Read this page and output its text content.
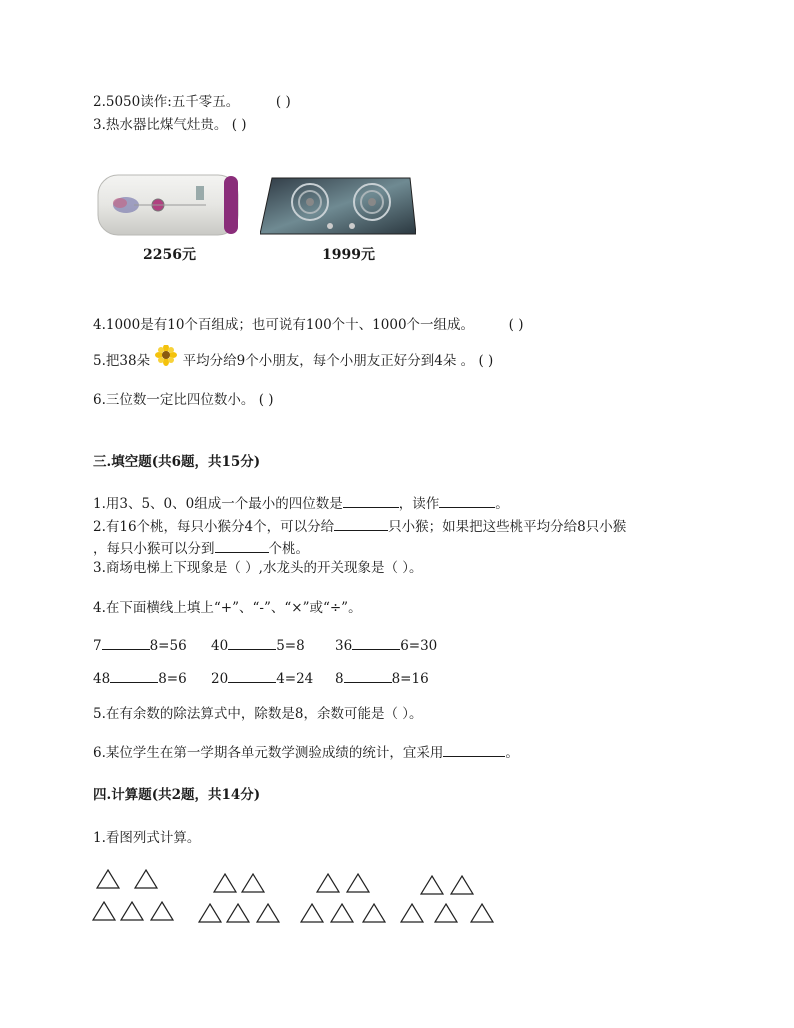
2.5050读作:五千零五。	( )
3.热水器比煤气灶贵。 ( )
2256元	1999元
4.1000是有10个百组成；也可说有100个十、1000个一组成。	( )
5.把38朵 平均分给9个小朋友，每个小朋友正好分到4朵 。 ( )
6.三位数一定比四位数小。 ( )
三.填空题(共6题，共15分)
1.用3、5、0、0组成一个最小的四位数是	，读作	。
2.有16个桃，每只小猴分4个，可以分给	只小猴；如果把这些桃平均分给8只小猴
，每只小猴可以分到	个桃。
3.商场电梯上下现象是（ ）,水龙头的开关现象是（ ）。
4.在下面横线上填上“+”、“-”、“×”或“÷”。
7	8=56 40	5=8 36	6=30
48	8=6 20	4=24 8	8=16
5.在有余数的除法算式中，除数是8，余数可能是（ ）。
6.某位学生在第一学期各单元数学测验成绩的统计，宜采用	。
四.计算题(共2题，共14分)
1.看图列式计算。
